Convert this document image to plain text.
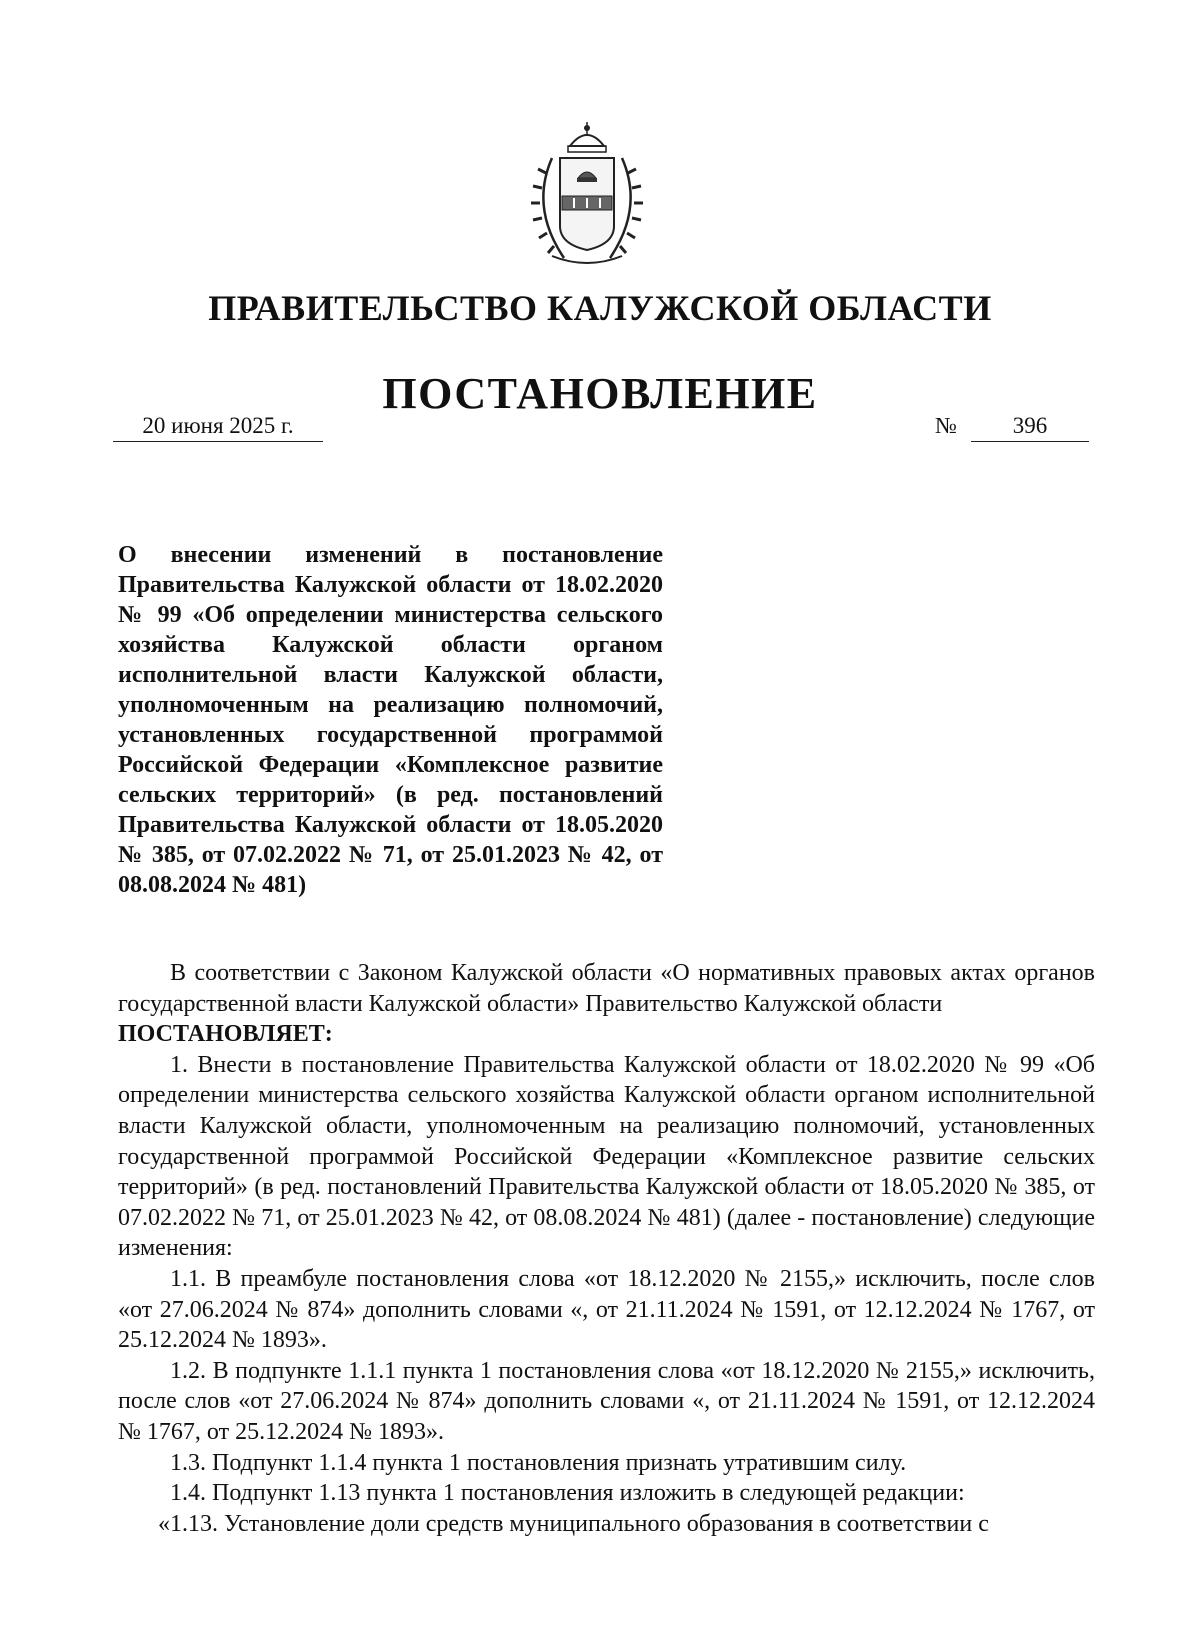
ПРАВИТЕЛЬСТВО КАЛУЖСКОЙ ОБЛАСТИ
ПОСТАНОВЛЕНИЕ
20 июня 2025 г.	№ 396
О внесении изменений в постановление Правительства Калужской области от 18.02.2020 № 99 «Об определении министерства сельского хозяйства Калужской области органом исполнительной власти Калужской области, уполномоченным на реализацию полномочий, установленных государственной программой Российской Федерации «Комплексное развитие сельских территорий» (в ред. постановлений Правительства Калужской области от 18.05.2020 № 385, от 07.02.2022 № 71, от 25.01.2023 № 42, от 08.08.2024 № 481)

В соответствии с Законом Калужской области «О нормативных правовых актах органов государственной власти Калужской области» Правительство Калужской области
ПОСТАНОВЛЯЕТ:

1. Внести в постановление Правительства Калужской области от 18.02.2020 № 99 «Об определении министерства сельского хозяйства Калужской области органом исполнительной власти Калужской области, уполномоченным на реализацию полномочий, установленных государственной программой Российской Федерации «Комплексное развитие сельских территорий» (в ред. постановлений Правительства Калужской области от 18.05.2020 № 385, от 07.02.2022 № 71, от 25.01.2023 № 42, от 08.08.2024 № 481) (далее - постановление) следующие изменения:

1.1. В преамбуле постановления слова «от 18.12.2020 № 2155,» исключить, после слов «от 27.06.2024 № 874» дополнить словами «, от 21.11.2024 № 1591, от 12.12.2024 № 1767, от 25.12.2024 № 1893».

1.2. В подпункте 1.1.1 пункта 1 постановления слова «от 18.12.2020 № 2155,» исключить, после слов «от 27.06.2024 № 874» дополнить словами «, от 21.11.2024 № 1591, от 12.12.2024 № 1767, от 25.12.2024 № 1893».

1.3. Подпункт 1.1.4 пункта 1 постановления признать утратившим силу.

1.4. Подпункт 1.13 пункта 1 постановления изложить в следующей редакции:

«1.13. Установление доли средств муниципального образования в соответствии с
